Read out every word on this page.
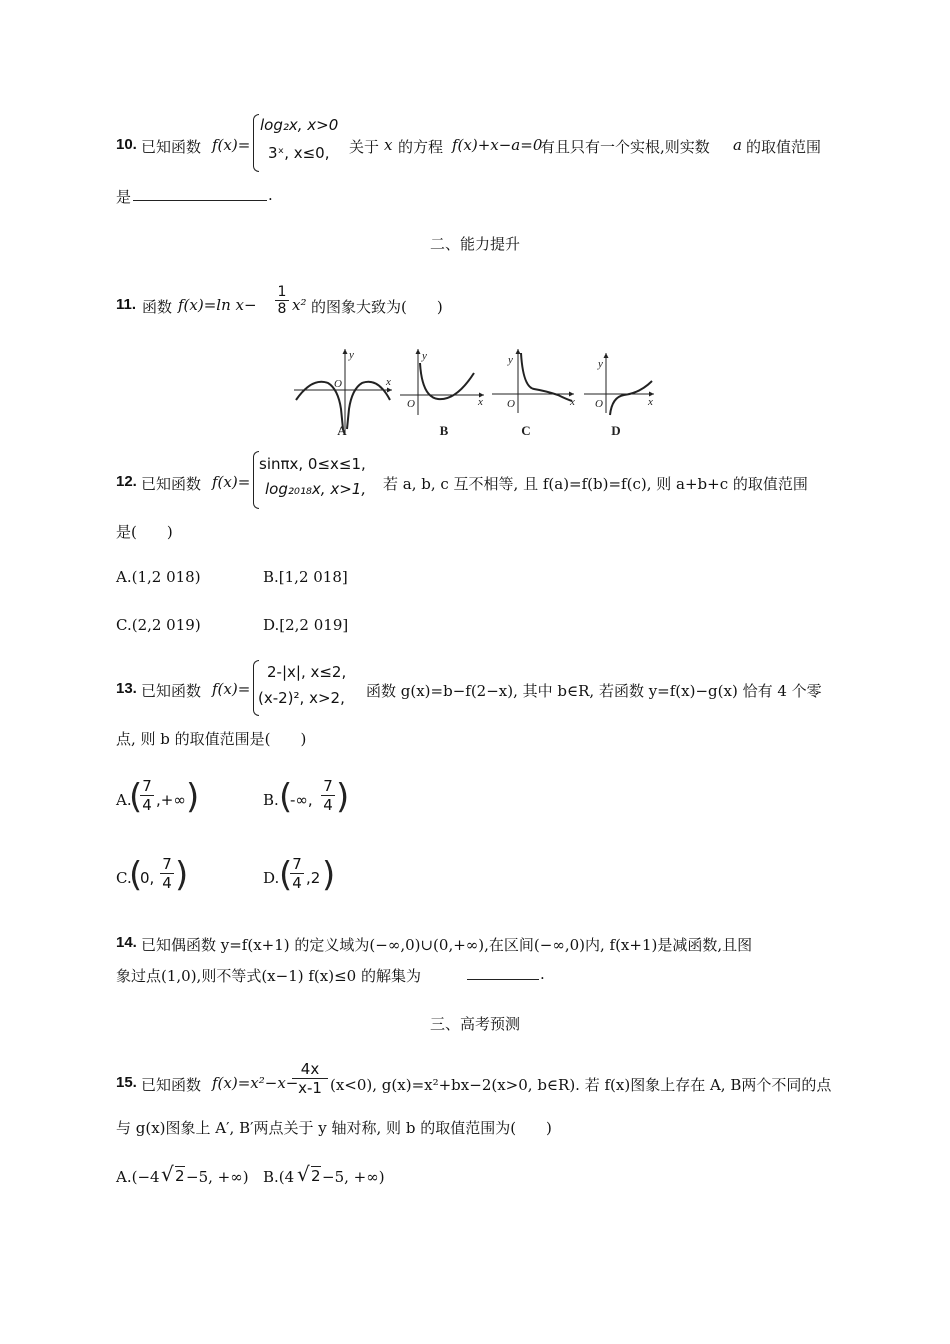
10. 已知函数 f(x)=
log₂x, x>0
3ˣ, x≤0, 关于 x 的方程 f(x)+x−a=0
有且只有一个实根,则实数 a 的取值范围
是	.
二、能力提升
11. 函数 f(x)=ln $x- \frac{1}{8} x^2$ 的图象大致为(　　)
y
x
O
y
x
O
y
x
O
y
x
O
A	B	C	D
12. 已知函数 f(x)=
sinπx, 0≤x≤1,
log₂₀₁₈x, x>1, 若 a, b, c 互不相等, 且 f(a)=f(b)=f(c), 则 a+b+c 的取值范围
是(　　)
A.(1,2 018)	B.[1,2 018]
C.(2,2 019)	D.[2,2 019]
13. 已知函数 f(x)=
2-|x|, x≤2,
(x-2)², x>2, 函数 g(x)=b−f(2−x), 其中 b∈R, 若函数 y=f(x)−g(x) 恰有 4 个零
点, 则 b 的取值范围是(　　)
A.
(
$\frac{7}{4}$ ,+∞ )	B. (
-∞, $\frac{7}{4}$ )
C.
(
0, $\frac{7}{4}$ )	D. (
$\frac{7}{4} ,2$ )
14. 已知偶函数 y=f(x+1) 的定义域为(−∞,0)∪(0,+∞),在区间(−∞,0)内, f(x+1)是减函数,且图
象过点(1,0),则不等式(x−1) f(x)≤0 的解集为	.
三、高考预测
15. 已知函数 f(x)=x²−x−
$\frac{4x}{x-1} (x<0)$, g(x)=x²+bx−2(x>0, b∈R). 若 f(x)图象上存在 A, B两个不同的点
与 g(x)图象上 A′, B′两点关于 y 轴对称, 则 b 的取值范围为(　　)
A.(−4 √ 2 −5, +∞) B.(4 √ 2 −5, +∞)
